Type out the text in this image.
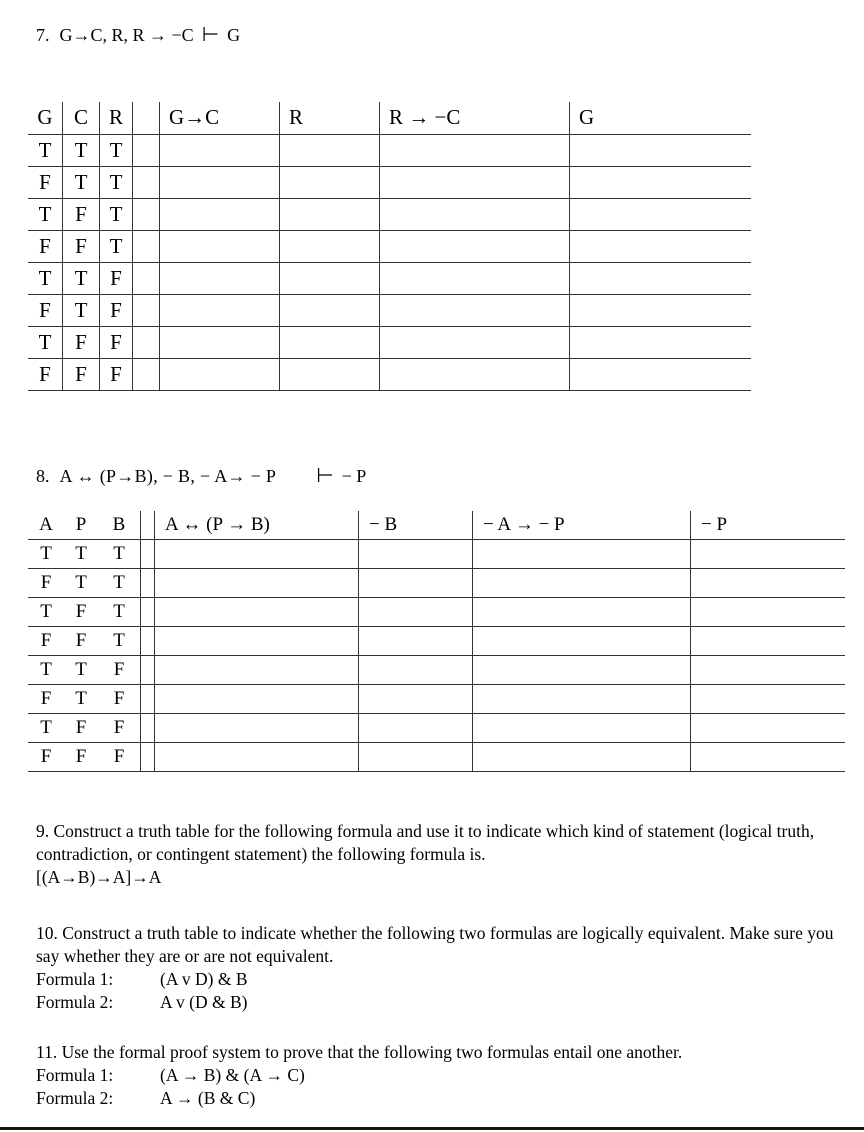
7. G→C, R, R → −C ⊢ G
G	C	R		G→C	R	R → −C	G
T	T	T					
F	T	T					
T	F	T					
F	F	T					
T	T	F					
F	T	F					
T	F	F					
F	F	F					
8. A ↔ (P→B), − B, − A→ − P ⊢ − P
A	P	B		A ↔ (P → B)	− B	− A → − P	− P
T	T	T					
F	T	T					
T	F	T					
F	F	T					
T	T	F					
F	T	F					
T	F	F					
F	F	F					

9. Construct a truth table for the following formula and use it to indicate which kind of statement (logical truth, contradiction, or contingent statement) the following formula is.

[(A→B)→A]→A

10. Construct a truth table to indicate whether the following two formulas are logically equivalent. Make sure you say whether they are or are not equivalent.

Formula 1:	(A v D) & B
Formula 2:	A v (D & B)

11. Use the formal proof system to prove that the following two formulas entail one another.

Formula 1:	(A → B) & (A → C)
Formula 2:	A → (B & C)
